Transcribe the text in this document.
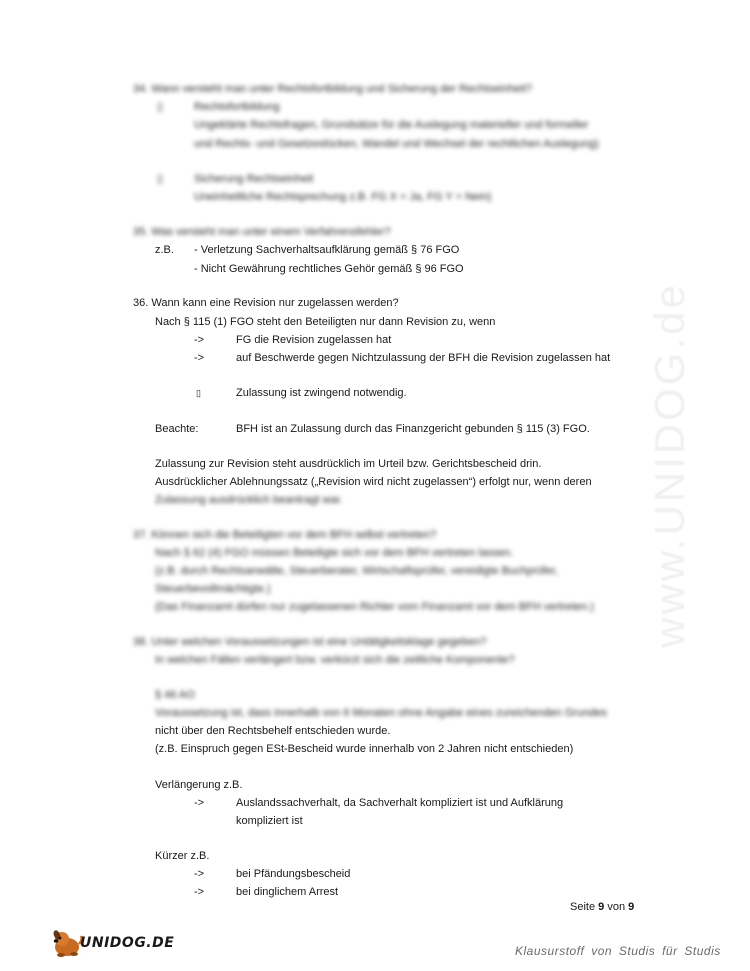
www.UNIDOG.de
34. Wann versteht man unter Rechtsfortbildung und Sicherung der Rechtseinheit?
▯	Rechtsfortbildung
Ungeklärte Rechtsfragen, Grundsätze für die Auslegung materieller und formeller
und Rechts- und Gesetzeslücken, Wandel und Wechsel der rechtlichen Auslegung)
▯	Sicherung Rechtseinheit
Uneinheitliche Rechtsprechung z.B. FG X = Ja, FG Y = Nein)
35. Was versteht man unter einem Verfahrensfehler?
z.B. - Verletzung Sachverhaltsaufklärung gemäß § 76 FGO
- Nicht Gewährung rechtliches Gehör gemäß § 96 FGO
36. Wann kann eine Revision nur zugelassen werden?
Nach § 115 (1) FGO steht den Beteiligten nur dann Revision zu, wenn
->	FG die Revision zugelassen hat
->	auf Beschwerde gegen Nichtzulassung der BFH die Revision zugelassen hat
▯	Zulassung ist zwingend notwendig.
Beachte:	BFH ist an Zulassung durch das Finanzgericht gebunden § 115 (3) FGO.
Zulassung zur Revision steht ausdrücklich im Urteil bzw. Gerichtsbescheid drin.
Ausdrücklicher Ablehnungssatz („Revision wird nicht zugelassen“) erfolgt nur, wenn deren
Zulassung ausdrücklich beantragt war.
37. Können sich die Beteiligten vor dem BFH selbst vertreten?
Nach § 62 (4) FGO müssen Beteiligte sich vor dem BFH vertreten lassen.
(z.B. durch Rechtsanwälte, Steuerberater, Wirtschaftsprüfer, vereidigte Buchprüfer,
Steuerbevollmächtigte.)
(Das Finanzamt dürfen nur zugelassenen Richter vom Finanzamt vor dem BFH vertreten.)
38. Unter welchen Voraussetzungen ist eine Untätigkeitsklage gegeben?
In welchen Fällen verlängert bzw. verkürzt sich die zeitliche Komponente?
§ 46 AO
Voraussetzung ist, dass innerhalb von 6 Monaten ohne Angabe eines zureichenden Grundes
nicht über den Rechtsbehelf entschieden wurde.
(z.B. Einspruch gegen ESt-Bescheid wurde innerhalb von 2 Jahren nicht entschieden)
Verlängerung z.B.
->	Auslandssachverhalt, da Sachverhalt kompliziert ist und Aufklärung
kompliziert ist
Kürzer z.B.
->	bei Pfändungsbescheid
->	bei dinglichem Arrest
Seite 9 von 9
UNIDOG.DE	Klausurstoff von Studis für Studis
